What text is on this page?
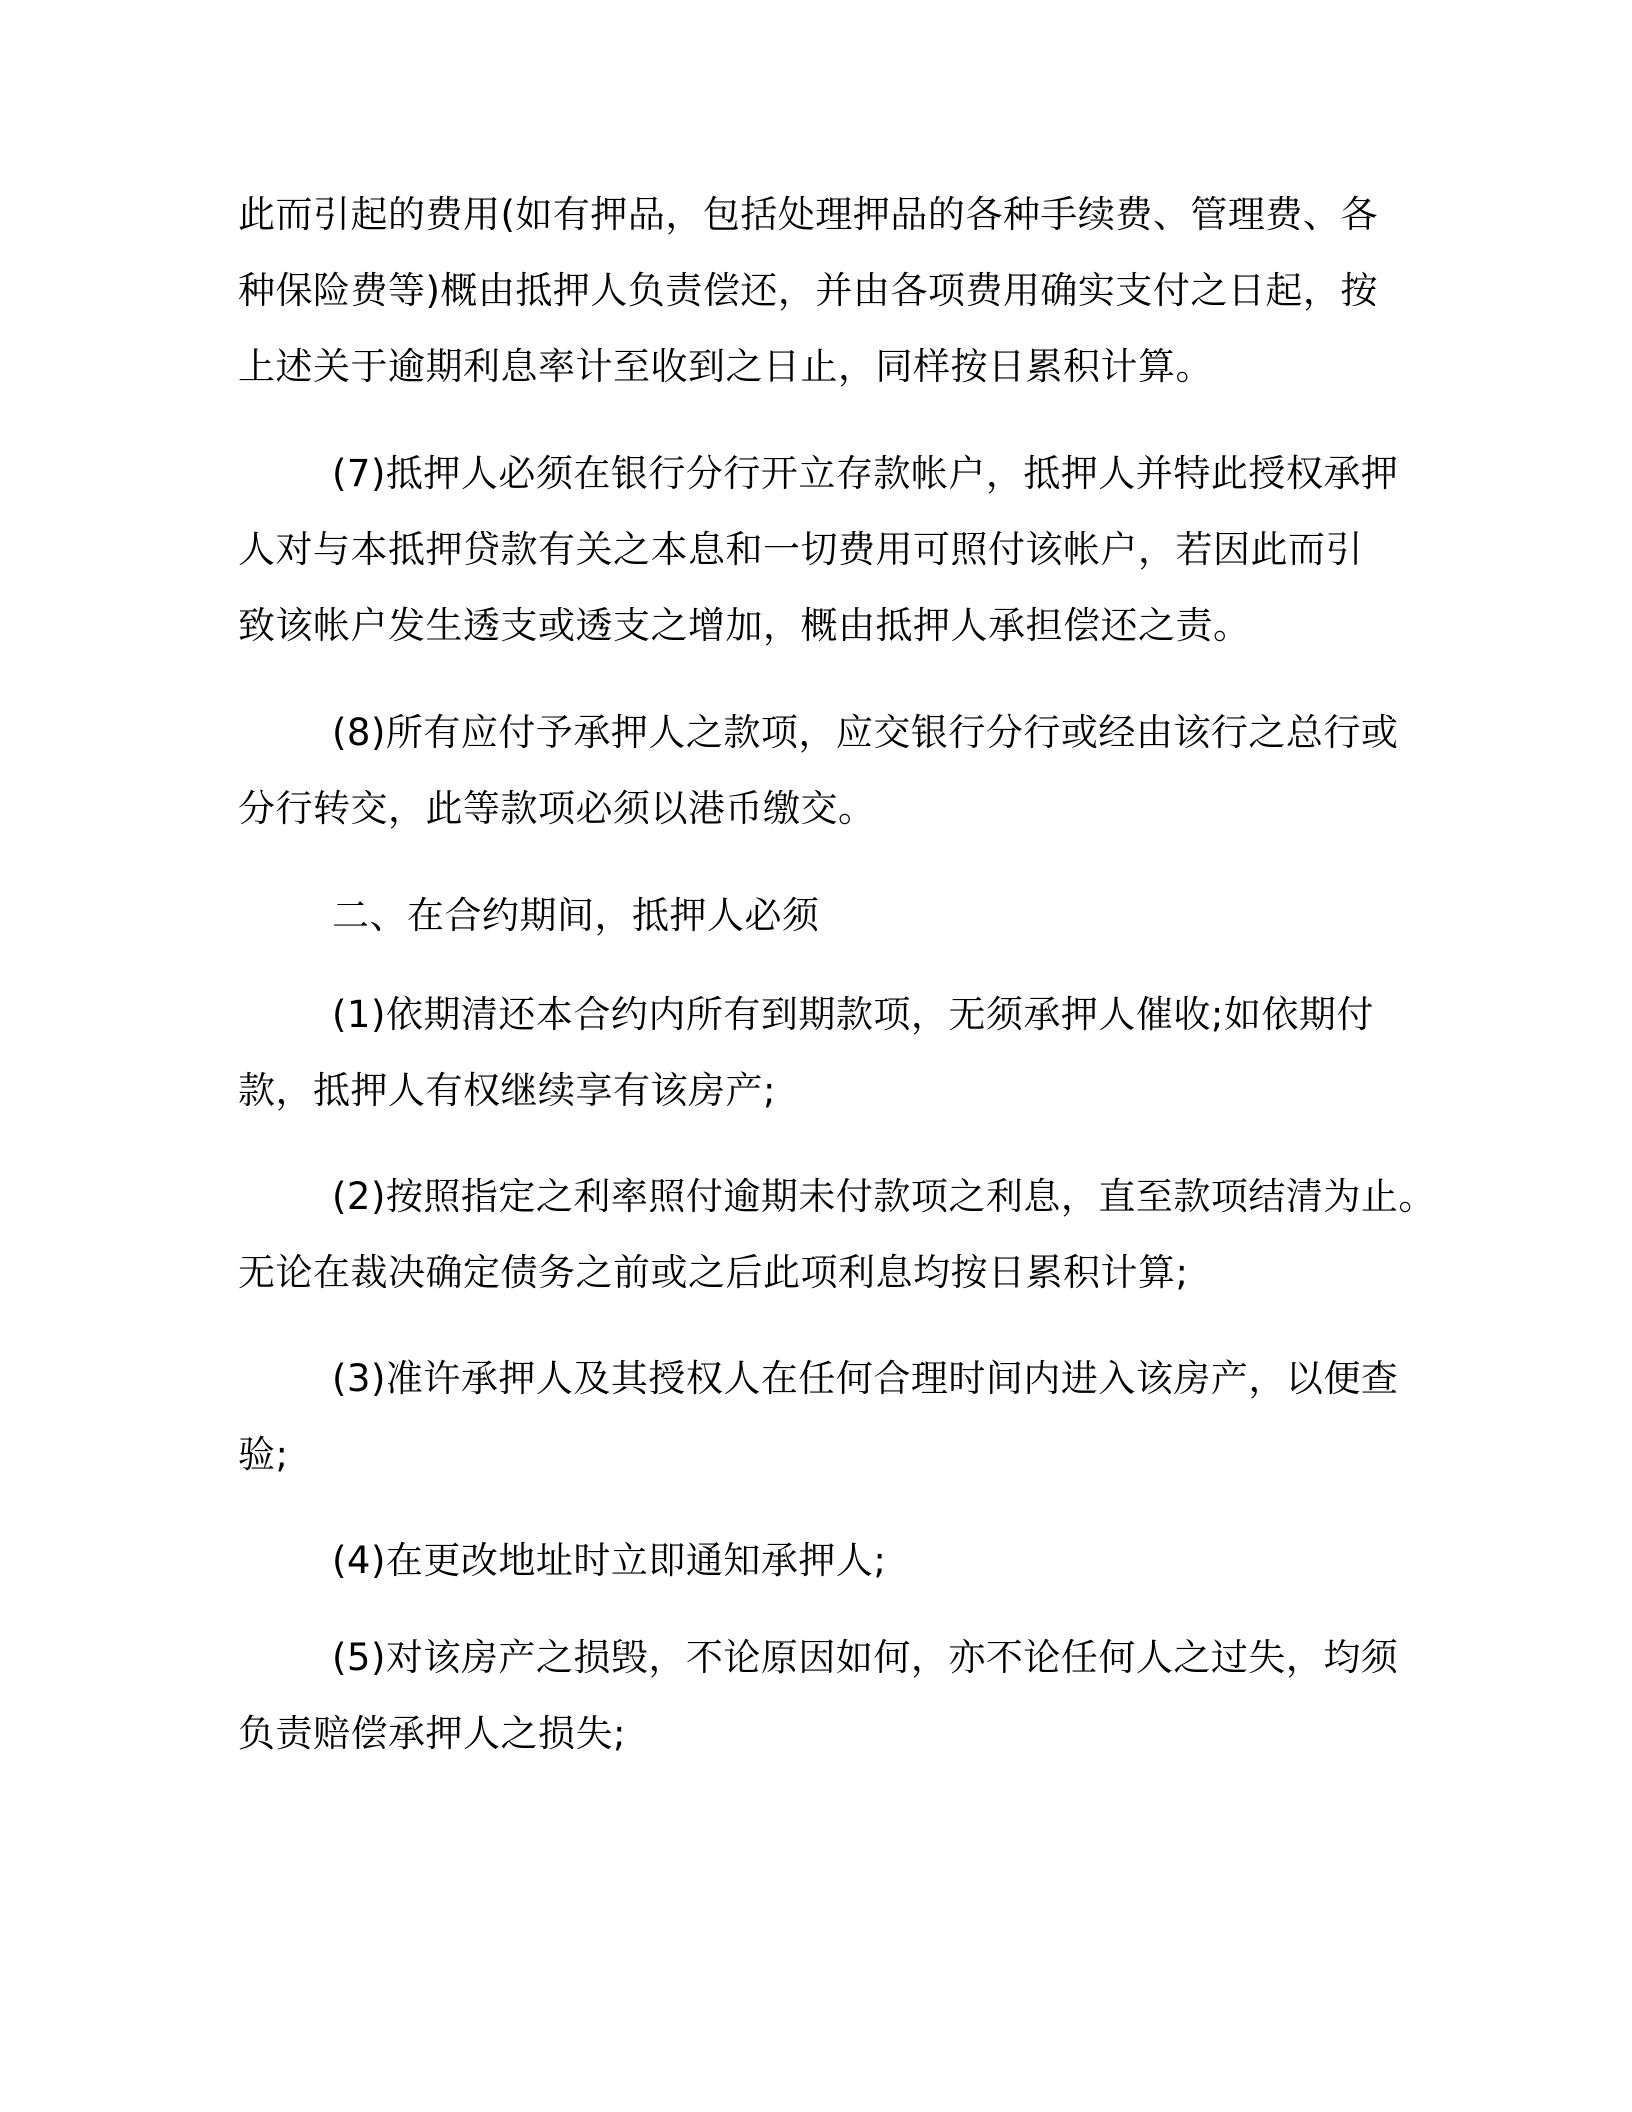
此而引起的费用(如有押品，包括处理押品的各种手续费、管理费、各
种保险费等)概由抵押人负责偿还，并由各项费用确实支付之日起，按
上述关于逾期利息率计至收到之日止，同样按日累积计算。
(7)抵押人必须在银行分行开立存款帐户，抵押人并特此授权承押
人对与本抵押贷款有关之本息和一切费用可照付该帐户，若因此而引
致该帐户发生透支或透支之增加，概由抵押人承担偿还之责。
(8)所有应付予承押人之款项，应交银行分行或经由该行之总行或
分行转交，此等款项必须以港币缴交。
二、在合约期间，抵押人必须
(1)依期清还本合约内所有到期款项，无须承押人催收;如依期付
款，抵押人有权继续享有该房产;
(2)按照指定之利率照付逾期未付款项之利息，直至款项结清为止。
无论在裁决确定债务之前或之后此项利息均按日累积计算;
(3)准许承押人及其授权人在任何合理时间内进入该房产，以便查
验;
(4)在更改地址时立即通知承押人;
(5)对该房产之损毁，不论原因如何，亦不论任何人之过失，均须
负责赔偿承押人之损失;
